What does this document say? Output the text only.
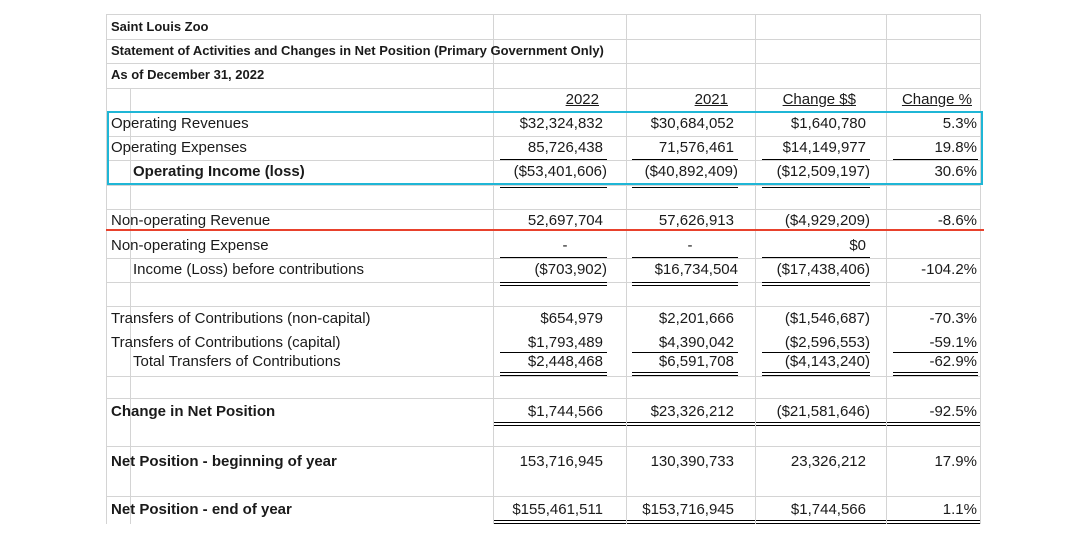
Saint Louis Zoo
Statement of Activities and Changes in Net Position (Primary Government Only)
As of December 31, 2022
2022	2021	Change $$	Change %
Operating Revenues	$32,324,832	$30,684,052	$1,640,780	5.3%
Operating Expenses	85,726,438	71,576,461	$14,149,977	19.8%
Operating Income (loss)	($53,401,606)	($40,892,409)	($12,509,197)	30.6%
Non-operating Revenue	52,697,704	57,626,913	($4,929,209)	-8.6%
Non-operating Expense	-	-	$0
Income (Loss) before contributions	($703,902)	$16,734,504	($17,438,406)	-104.2%
Transfers of Contributions (non-capital)	$654,979	$2,201,666	($1,546,687)	-70.3%
Transfers of Contributions (capital)	$1,793,489	$4,390,042	($2,596,553)	-59.1%
Total Transfers of Contributions	$2,448,468	$6,591,708	($4,143,240)	-62.9%
Change in Net Position	$1,744,566	$23,326,212	($21,581,646)	-92.5%
Net Position - beginning of year	153,716,945	130,390,733	23,326,212	17.9%
Net Position - end of year	$155,461,511	$153,716,945	$1,744,566	1.1%
